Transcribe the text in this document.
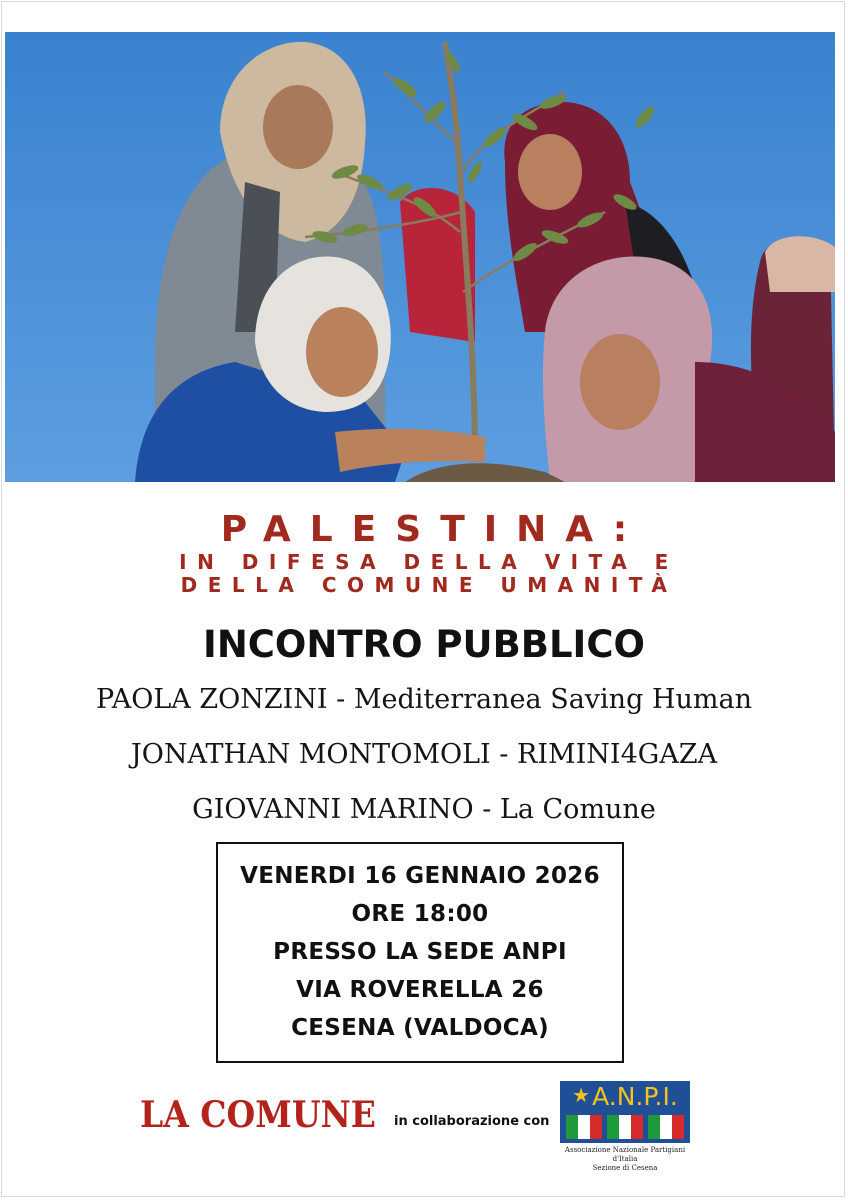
PALESTINA:
IN DIFESA DELLA VITA E
DELLA COMUNE UMANITÀ
INCONTRO PUBBLICO
PAOLA ZONZINI - Mediterranea Saving Human
JONATHAN MONTOMOLI - RIMINI4GAZA
GIOVANNI MARINO - La Comune
VENERDI 16 GENNAIO 2026
ORE 18:00
PRESSO LA SEDE ANPI
VIA ROVERELLA 26
CESENA (VALDOCA)
LA COMUNE in collaborazione con
★ A.N.P.I.
Associazione Nazionale Partigiani d'Italia
Sezione di Cesena
